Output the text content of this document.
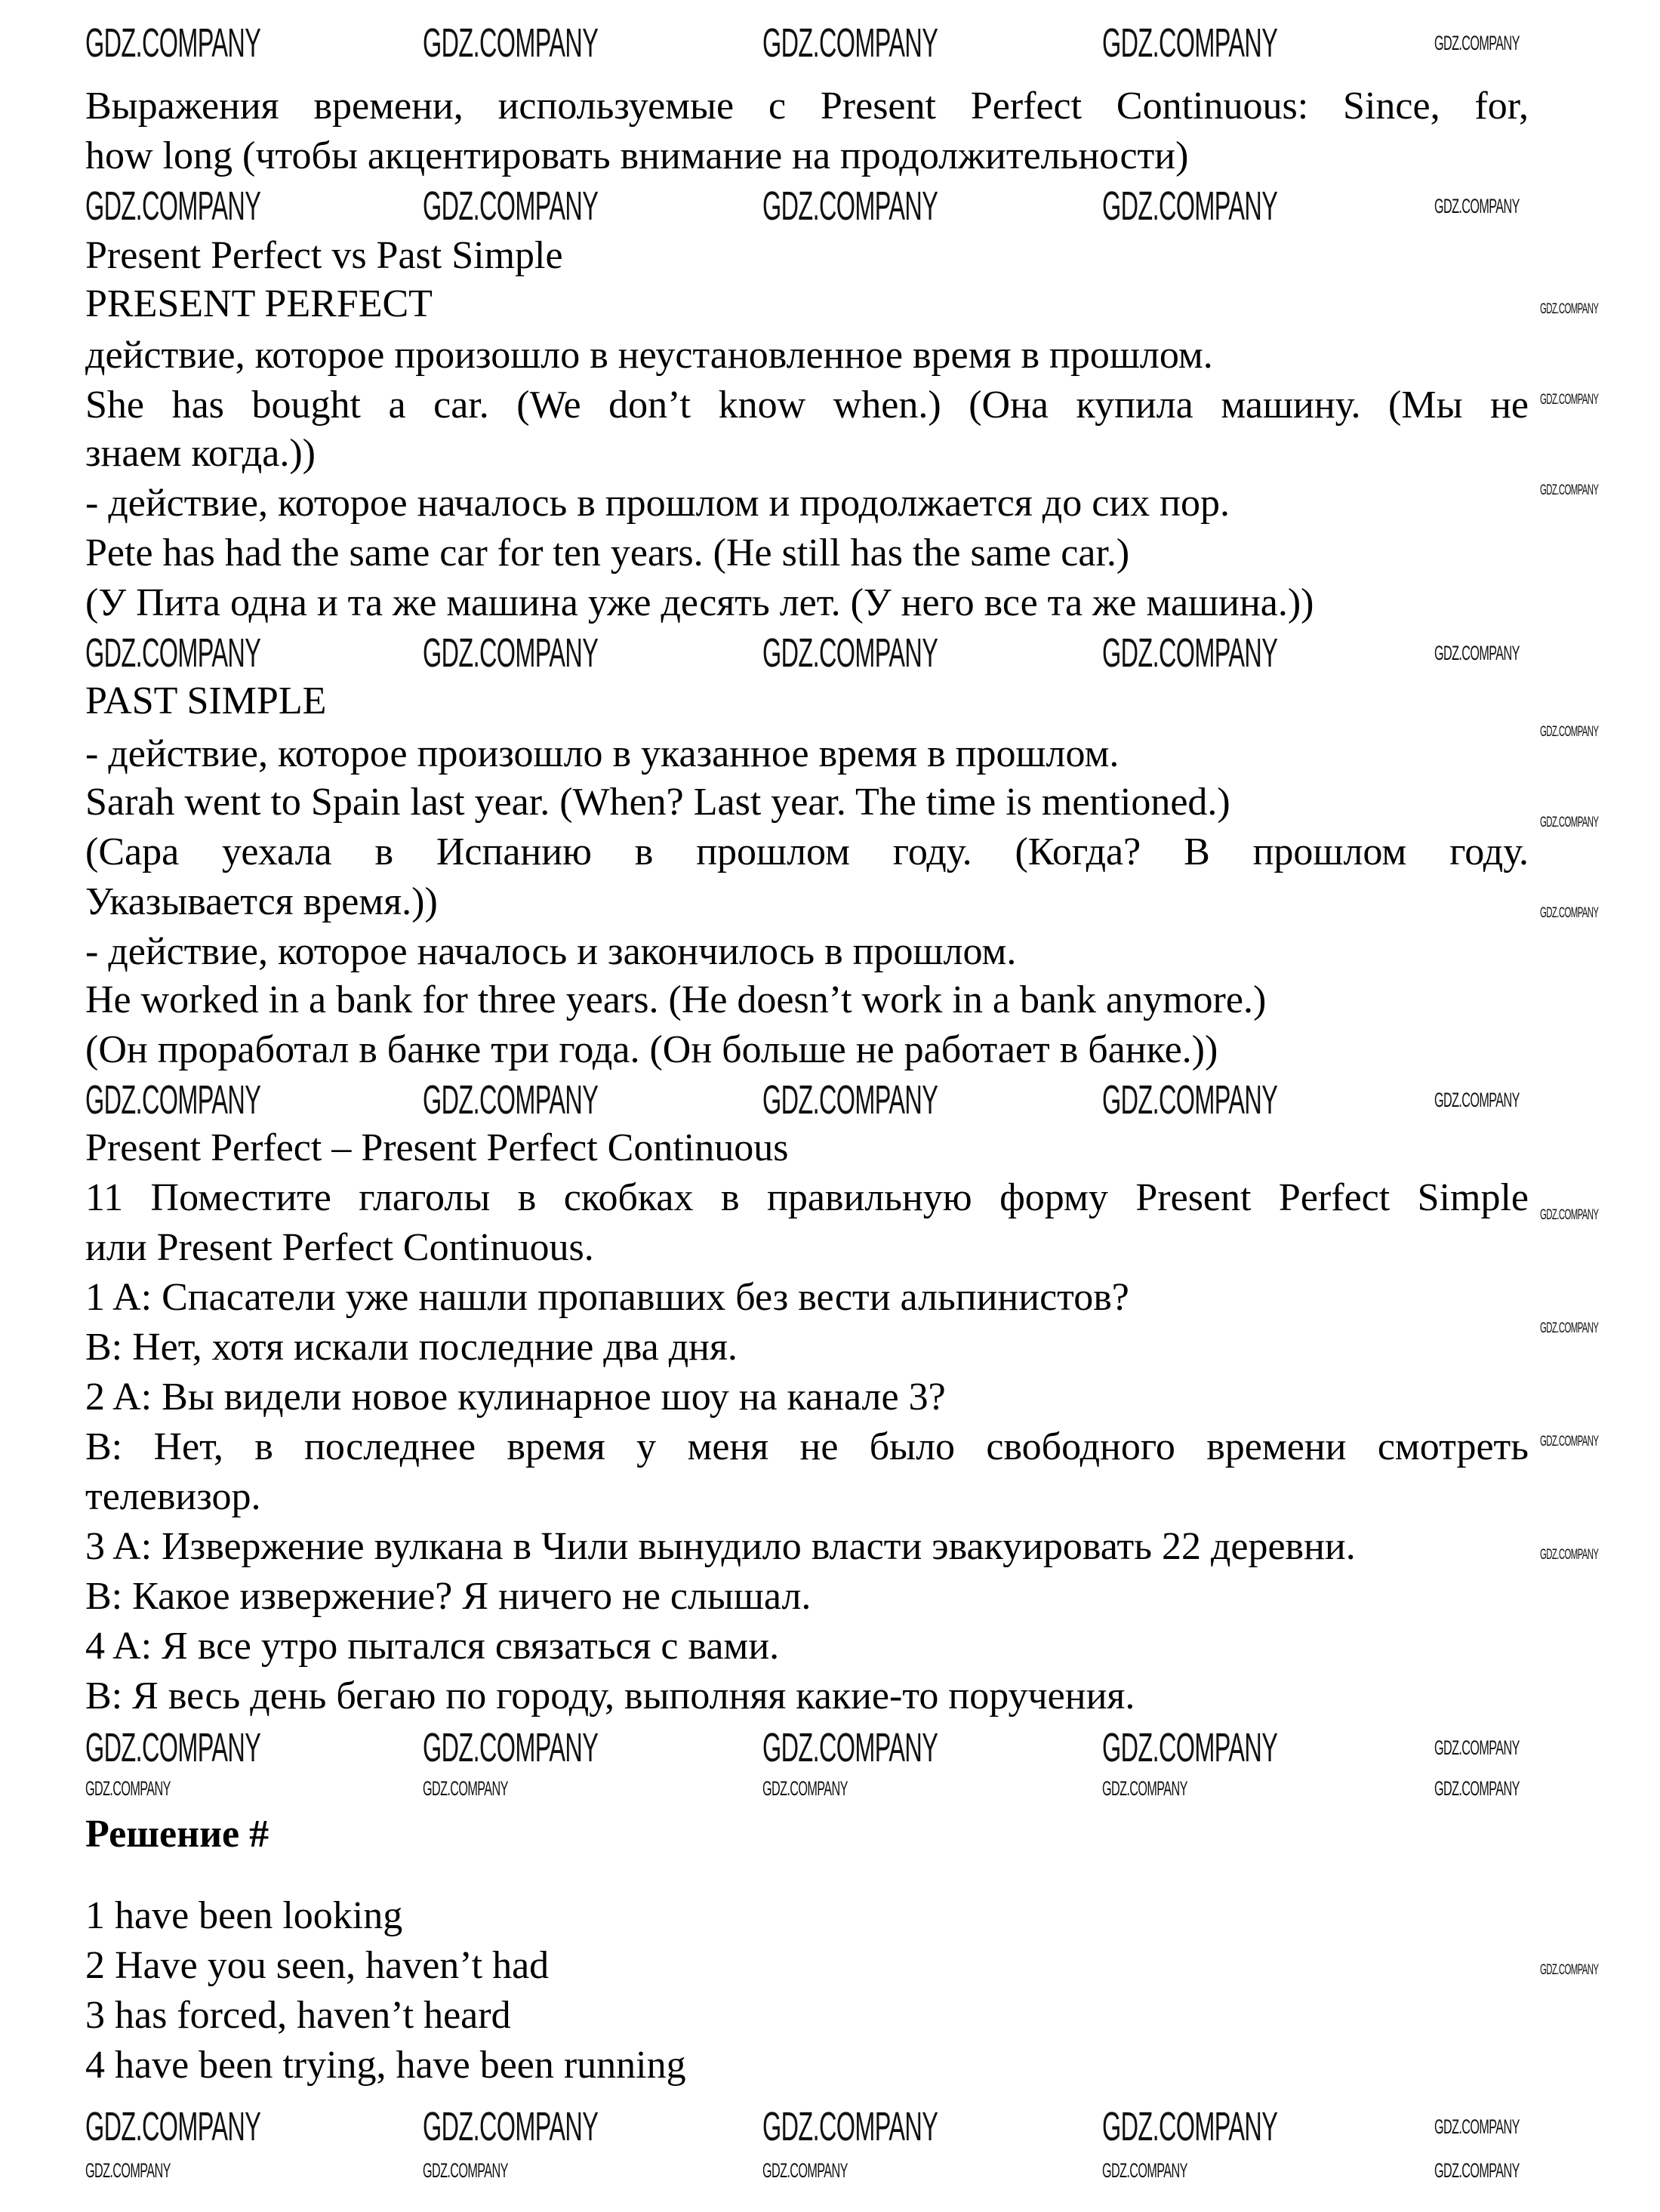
Выражения времени, используемые с Present Perfect Continuous: Since, for,
how long (чтобы акцентировать внимание на продолжительности)
Present Perfect vs Past Simple
PRESENT PERFECT
действие, которое произошло в неустановленное время в прошлом.
She has bought a car. (We don’t know when.) (Она купила машину. (Мы не
знаем когда.))
- действие, которое началось в прошлом и продолжается до сих пор.
Pete has had the same car for ten years. (He still has the same car.)
(У Пита одна и та же машина уже десять лет. (У него все та же машина.))
PAST SIMPLE
- действие, которое произошло в указанное время в прошлом.
Sarah went to Spain last year. (When? Last year. The time is mentioned.)
(Сара уехала в Испанию в прошлом году. (Когда? В прошлом году.
Указывается время.))
- действие, которое началось и закончилось в прошлом.
He worked in a bank for three years. (He doesn’t work in a bank anymore.)
(Он проработал в банке три года. (Он больше не работает в банке.))
Present Perfect – Present Perfect Continuous
11 Поместите глаголы в скобках в правильную форму Present Perfect Simple
или Present Perfect Continuous.
1 A: Спасатели уже нашли пропавших без вести альпинистов?
B: Нет, хотя искали последние два дня.
2 A: Вы видели новое кулинарное шоу на канале 3?
B: Нет, в последнее время у меня не было свободного времени смотреть
телевизор.
3 A: Извержение вулкана в Чили вынудило власти эвакуировать 22 деревни.
B: Какое извержение? Я ничего не слышал.
4 A: Я все утро пытался связаться с вами.
B: Я весь день бегаю по городу, выполняя какие-то поручения.
Решение #
1 have been looking
2 Have you seen, haven’t had
3 has forced, haven’t heard
4 have been trying, have been running
GDZ.COMPANY	GDZ.COMPANY	GDZ.COMPANY	GDZ.COMPANY	GDZ.COMPANY
GDZ.COMPANY	GDZ.COMPANY	GDZ.COMPANY	GDZ.COMPANY	GDZ.COMPANY
GDZ.COMPANY	GDZ.COMPANY	GDZ.COMPANY	GDZ.COMPANY	GDZ.COMPANY
GDZ.COMPANY	GDZ.COMPANY	GDZ.COMPANY	GDZ.COMPANY	GDZ.COMPANY
GDZ.COMPANY	GDZ.COMPANY	GDZ.COMPANY	GDZ.COMPANY	GDZ.COMPANY
GDZ.COMPANY	GDZ.COMPANY	GDZ.COMPANY	GDZ.COMPANY	GDZ.COMPANY
GDZ.COMPANY	GDZ.COMPANY	GDZ.COMPANY	GDZ.COMPANY	GDZ.COMPANY
GDZ.COMPANY	GDZ.COMPANY	GDZ.COMPANY	GDZ.COMPANY	GDZ.COMPANY
GDZ.COMPANY
GDZ.COMPANY
GDZ.COMPANY
GDZ.COMPANY
GDZ.COMPANY
GDZ.COMPANY
GDZ.COMPANY
GDZ.COMPANY
GDZ.COMPANY
GDZ.COMPANY
GDZ.COMPANY
